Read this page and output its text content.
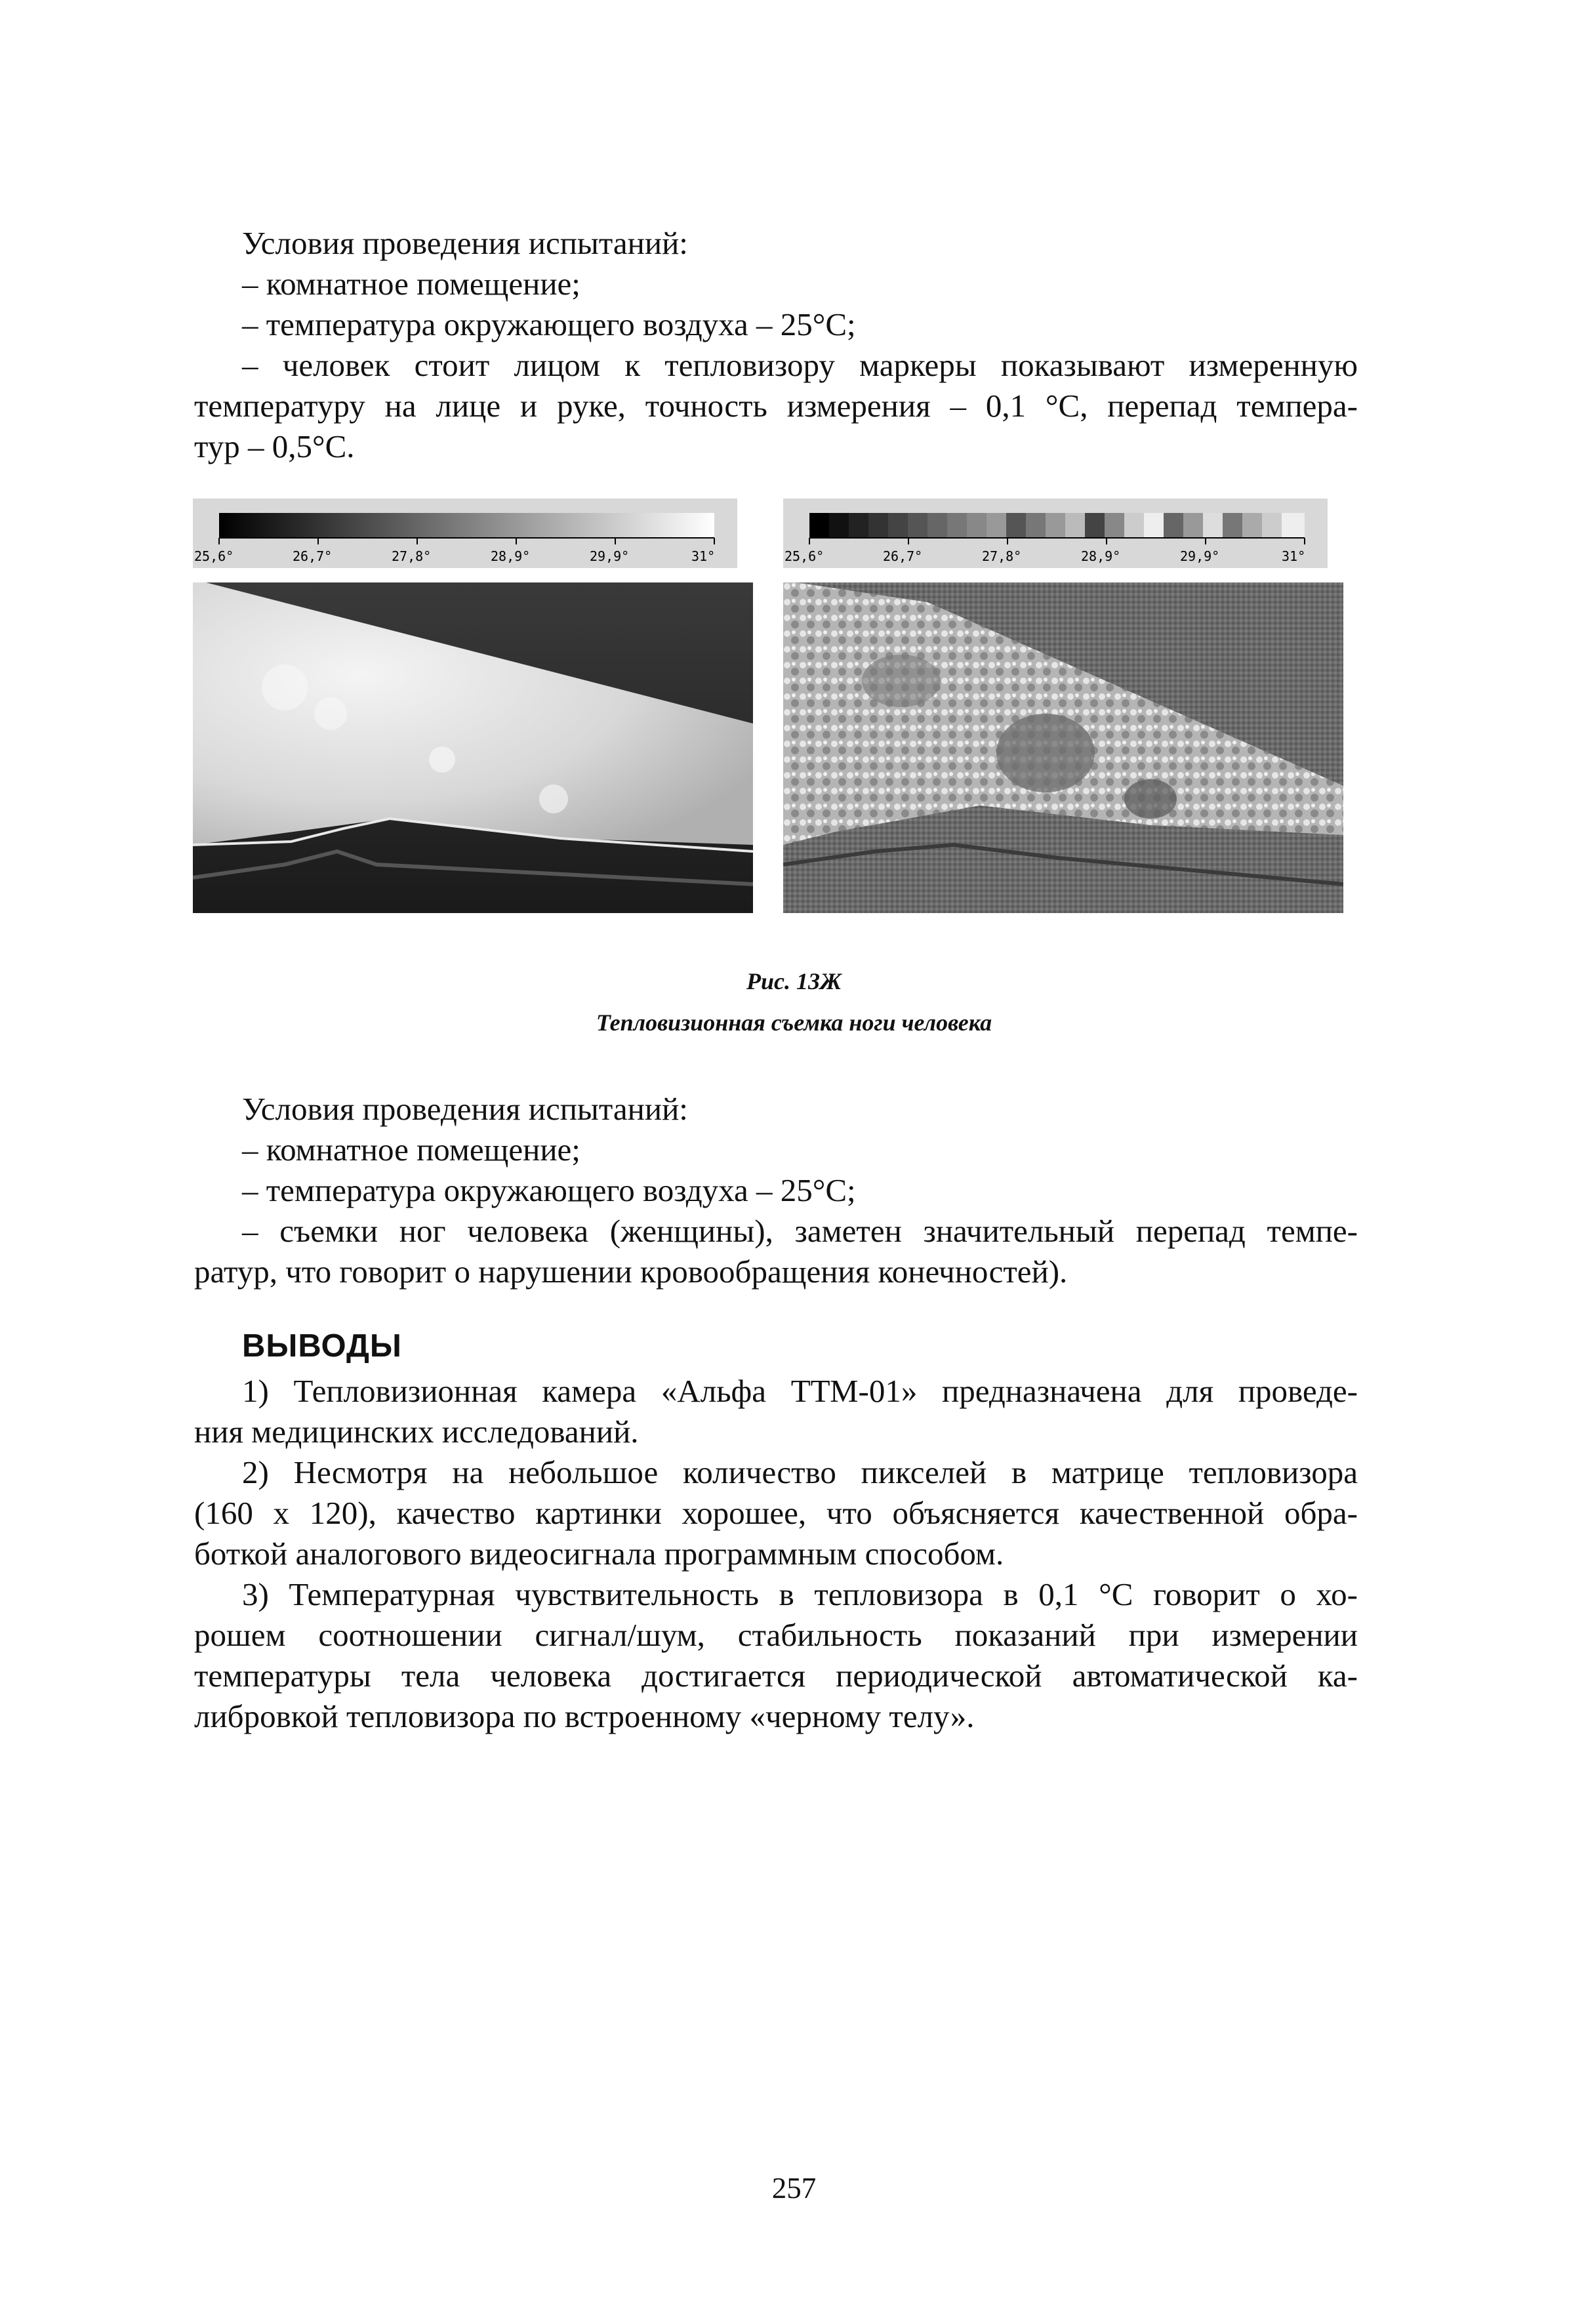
Условия проведения испытаний:
– комнатное помещение;
– температура окружающего воздуха – 25°С;
– человек стоит лицом к тепловизору маркеры показывают измеренную
температуру на лице и руке, точность измерения – 0,1 °С, перепад темпера-
тур – 0,5°С.
25,6°	26,7°	27,8°	28,9°	29,9°	31°	25,6°	26,7°	27,8°	28,9°	29,9°	31°

Рис. 13Ж

Тепловизионная съемка ноги человека

Условия проведения испытаний:
– комнатное помещение;
– температура окружающего воздуха – 25°С;
– съемки ног человека (женщины), заметен значительный перепад темпе-
ратур, что говорит о нарушении кровообращения конечностей).

ВЫВОДЫ

1) Тепловизионная камера «Альфа ТТМ-01» предназначена для проведе-
ния медицинских исследований.
2) Несмотря на небольшое количество пикселей в матрице тепловизора
(160 х 120), качество картинки хорошее, что объясняется качественной обра-
боткой аналогового видеосигнала программным способом.
3) Температурная чувствительность в тепловизора в 0,1 °С говорит о хо-
рошем соотношении сигнал/шум, стабильность показаний при измерении
температуры тела человека достигается периодической автоматической ка-
либровкой тепловизора по встроенному «черному телу».

257
